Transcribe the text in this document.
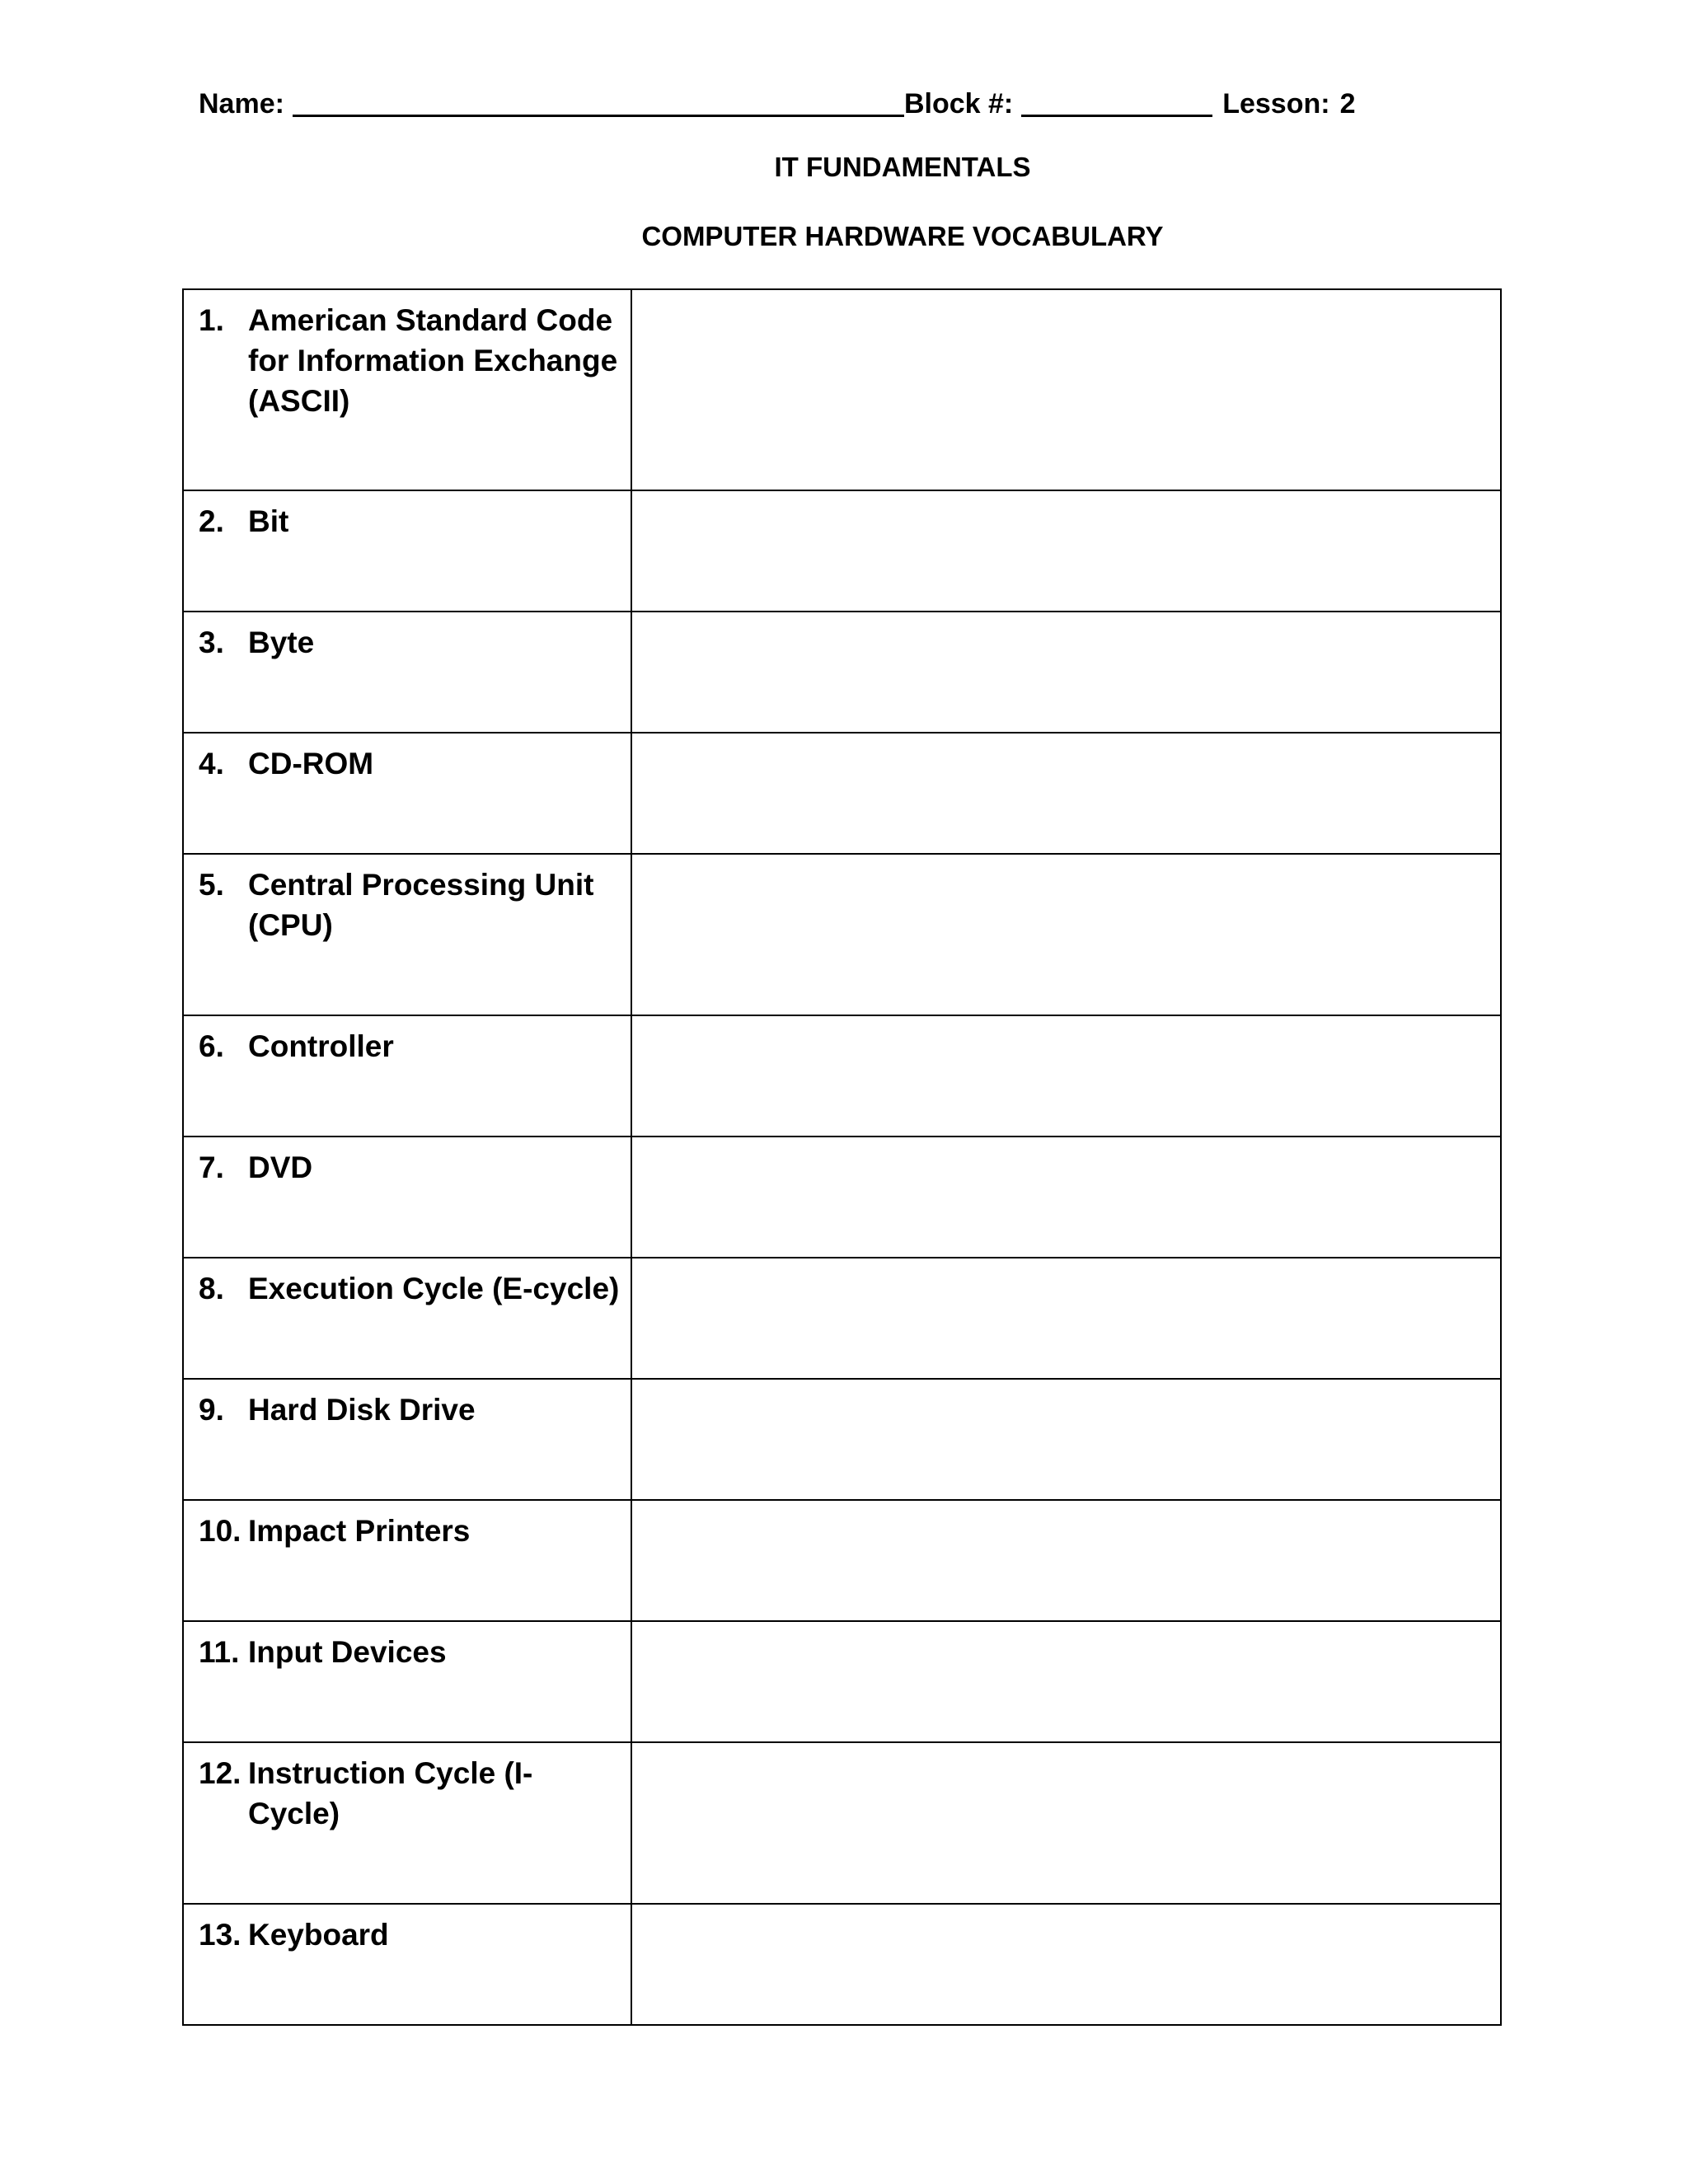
Name:	Block #:	Lesson: 2
IT FUNDAMENTALS
COMPUTER HARDWARE VOCABULARY
1. American Standard Code for Information Exchange (ASCII)	

2. Bit	

3. Byte	

4. CD-ROM	

5. Central Processing Unit (CPU)	

6. Controller	

7. DVD	

8. Execution Cycle (E-cycle)	

9. Hard Disk Drive	

10. Impact Printers	

11. Input Devices	

12. Instruction Cycle (I-Cycle)	

13. Keyboard	
